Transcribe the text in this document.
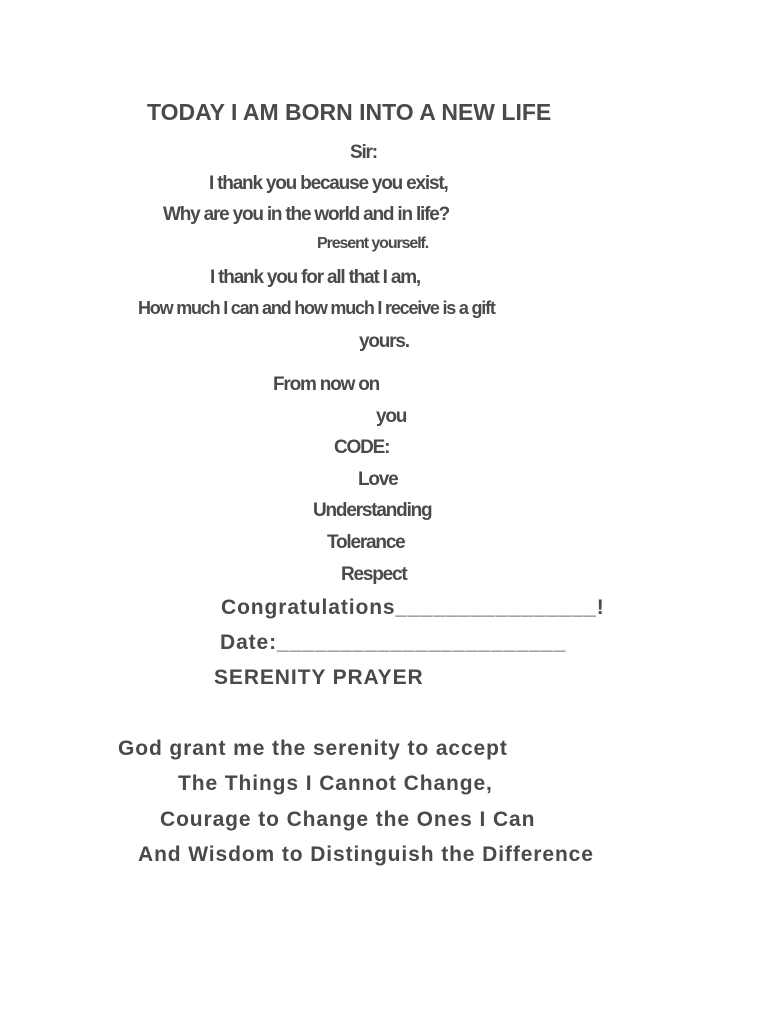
TODAY I AM BORN INTO A NEW LIFE
Sir:
I thank you because you exist,
Why are you in the world and in life?
Present yourself.
I thank you for all that I am,
How much I can and how much I receive is a gift
yours.
From now on
you
CODE:
Love
Understanding
Tolerance
Respect
Congratulations________________!
Date:_______________________
SERENITY PRAYER
God grant me the serenity to accept
The Things I Cannot Change,
Courage to Change the Ones I Can
And Wisdom to Distinguish the Difference
